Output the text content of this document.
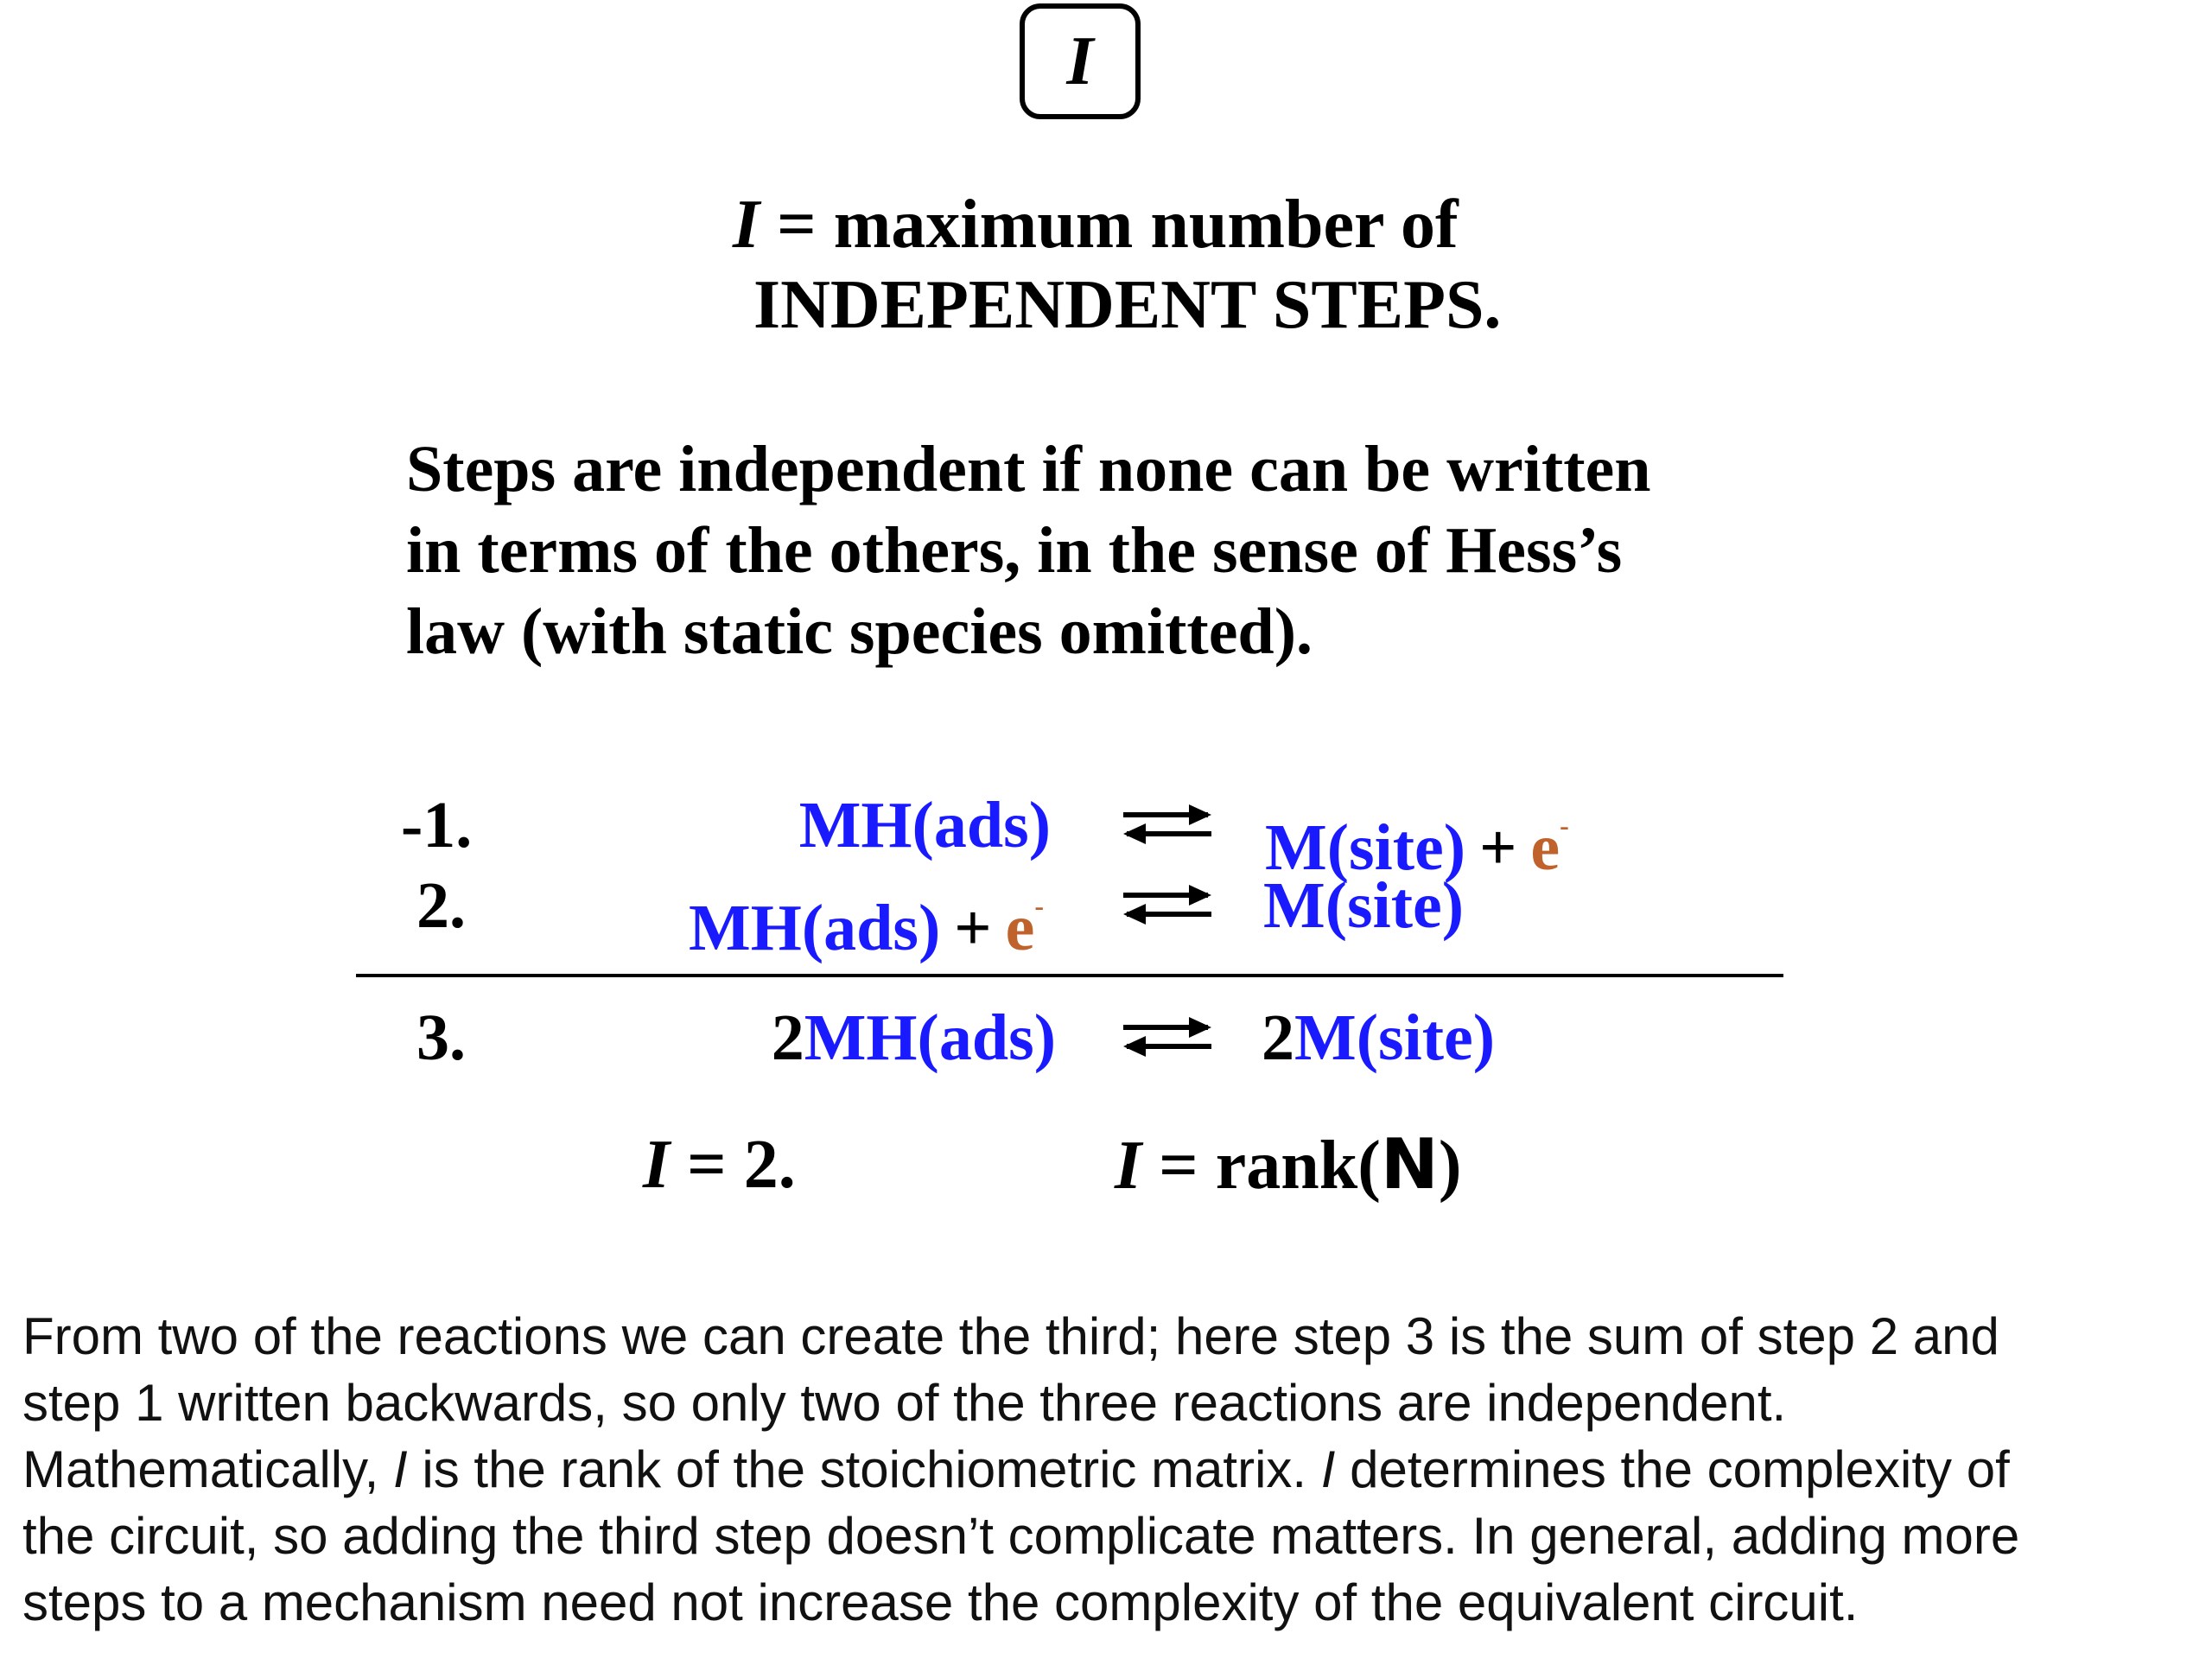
I
I = maximum number of
INDEPENDENT STEPS.
Steps are independent if none can be written
in terms of the others, in the sense of Hess’s
law (with static species omitted).
-1.	MH(ads)	M(site) + e-
2.	MH(ads) + e-	M(site)
3.	2MH(ads)	2M(site)
I = 2.	I = rank(N)
From two of the reactions we can create the third; here step 3 is the sum of step 2 and
step 1 written backwards, so only two of the three reactions are independent.
Mathematically, I is the rank of the stoichiometric matrix. I determines the complexity of
the circuit, so adding the third step doesn’t complicate matters. In general, adding more
steps to a mechanism need not increase the complexity of the equivalent circuit.
